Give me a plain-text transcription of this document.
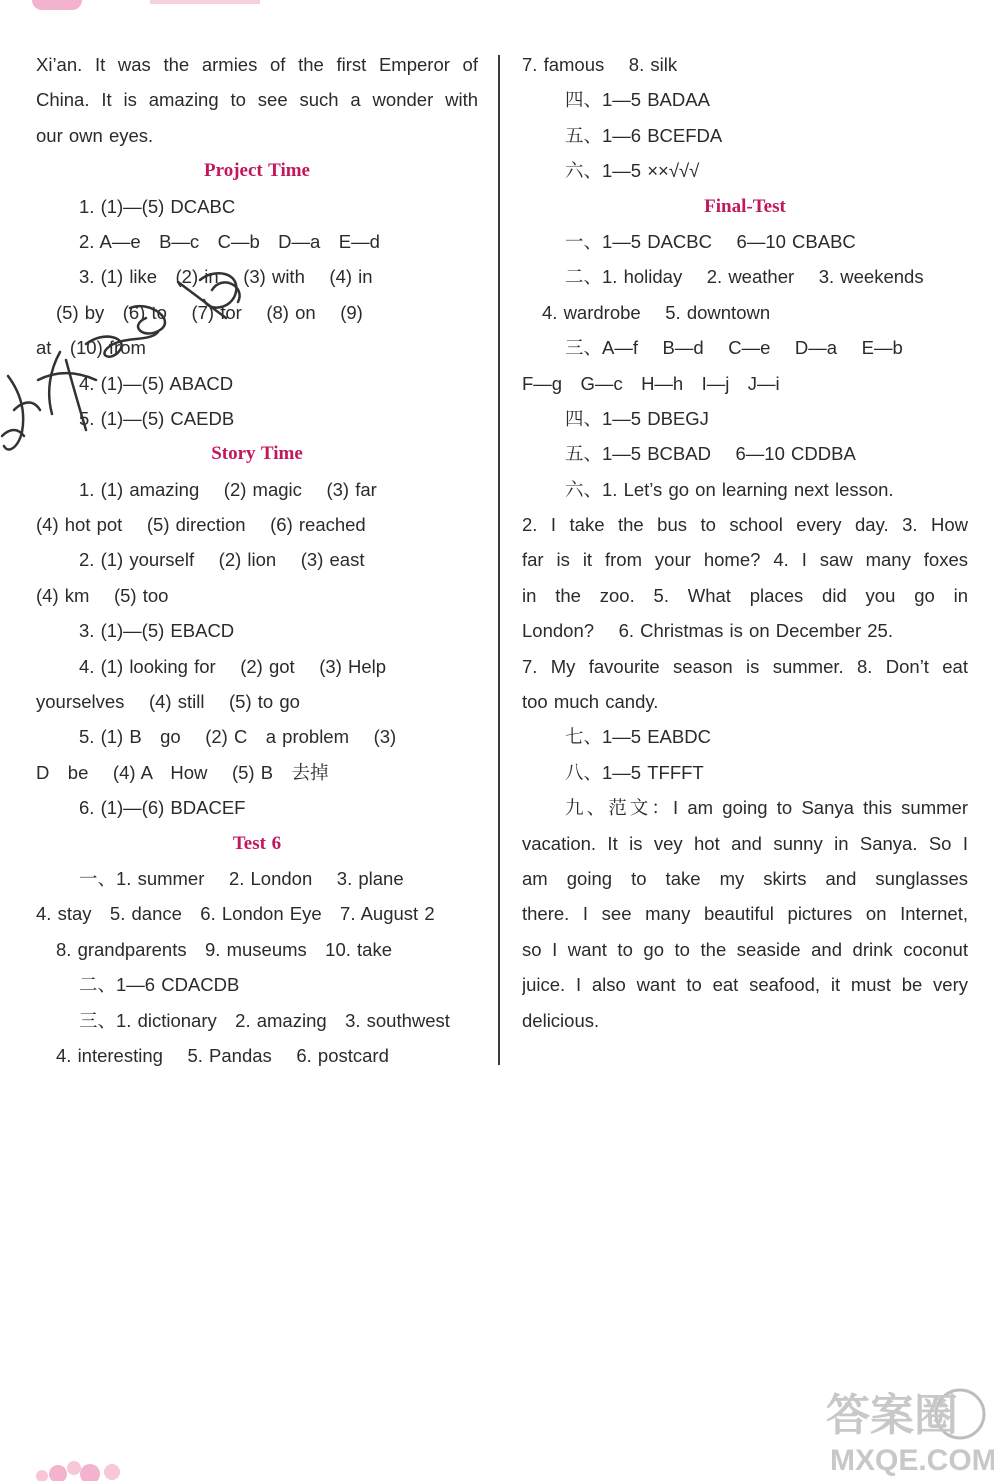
Xi’an. It was the armies of the first Emperor of
China. It is amazing to see such a wonder with
our own eyes.
Project Time
1. (1)—(5) DCABC
2. A—e   B—c   C—b   D—a   E—d
3. (1) like   (2) in    (3) with    (4) in
(5) by   (6) to    (7) for    (8) on    (9)
at   (10) from
4. (1)—(5) ABACD
5. (1)—(5) CAEDB
Story Time
1. (1) amazing    (2) magic    (3) far
(4) hot pot    (5) direction    (6) reached
2. (1) yourself    (2) lion    (3) east
(4) km    (5) too
3. (1)—(5) EBACD
4. (1) looking for    (2) got    (3) Help
yourselves    (4) still    (5) to go
5. (1) B   go    (2) C   a problem    (3)
D   be    (4) A   How    (5) B   去掉
6. (1)—(6) BDACEF
Test 6
一、1. summer    2. London    3. plane
4. stay   5. dance   6. London Eye   7. August 2
8. grandparents   9. museums   10. take
二、1—6 CDACDB
三、1. dictionary   2. amazing   3. southwest
4. interesting    5. Pandas    6. postcard
7. famous    8. silk
四、1—5 BADAA
五、1—6 BCEFDA
六、1—5 ××√√√
Final-Test
一、1—5 DACBC    6—10 CBABC
二、1. holiday    2. weather    3. weekends
4. wardrobe    5. downtown
三、A—f    B—d    C—e    D—a    E—b
F—g   G—c   H—h   I—j   J—i
四、1—5 DBEGJ
五、1—5 BCBAD    6—10 CDDBA
六、1. Let’s go on learning next lesson.
2. I take the bus to school every day. 3. How
far is it from your home? 4. I saw many foxes
in the zoo. 5. What places did you go in
London?    6. Christmas is on December 25.
7. My favourite season is summer. 8. Don’t eat
too much candy.
七、1—5 EABDC
八、1—5 TFFFT
九、范文：I am going to Sanya this summer
vacation. It is vey hot and sunny in Sanya. So I
am going to take my skirts and sunglasses
there. I see many beautiful pictures on Internet,
so I want to go to the seaside and drink coconut
juice. I also want to eat seafood, it must be very
delicious.
答案圈
MXQE.COM
